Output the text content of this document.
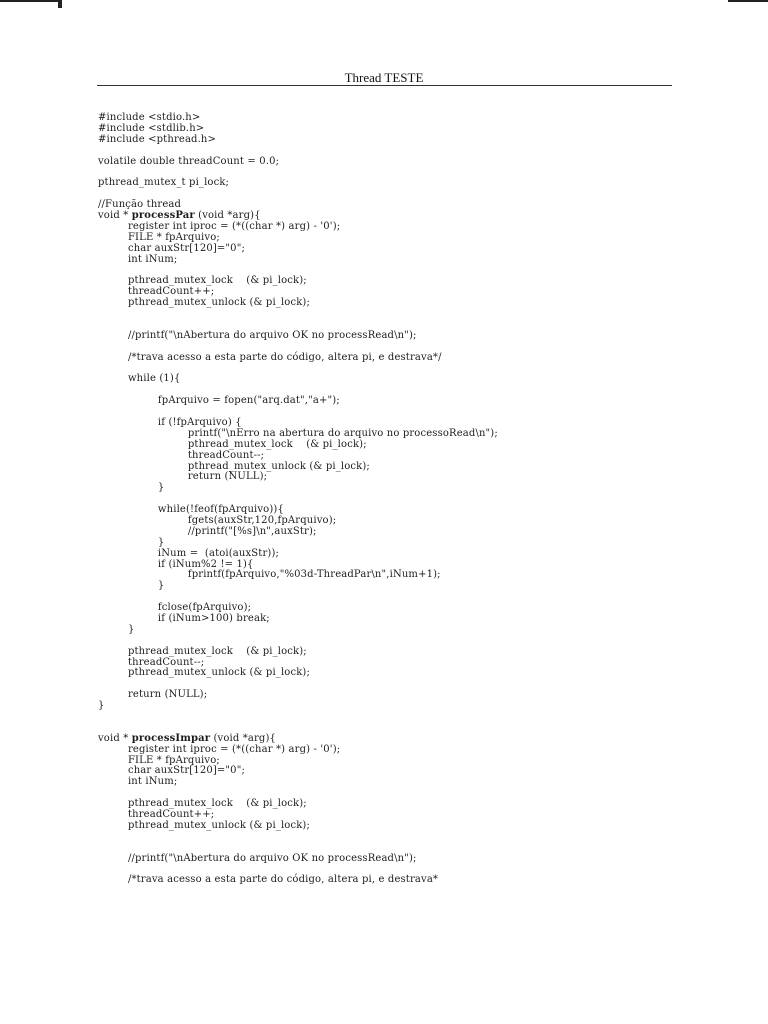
Thread TESTE
#include <stdio.h>
#include <stdlib.h>
#include <pthread.h>
volatile double threadCount = 0.0;
pthread_mutex_t pi_lock;
//Função thread
void * processPar (void *arg){
register int iproc = (*((char *) arg) - '0');
FILE * fpArquivo;
char auxStr[120]="0";
int iNum;
pthread_mutex_lock    (& pi_lock);
threadCount++;
pthread_mutex_unlock (& pi_lock);
//printf("\nAbertura do arquivo OK no processRead\n");
/*trava acesso a esta parte do código, altera pi, e destrava*/
while (1){
fpArquivo = fopen("arq.dat","a+");
if (!fpArquivo) {
printf("\nErro na abertura do arquivo no processoRead\n");
pthread_mutex_lock    (& pi_lock);
threadCount--;
pthread_mutex_unlock (& pi_lock);
return (NULL);
}
while(!feof(fpArquivo)){
fgets(auxStr,120,fpArquivo);
//printf("[%s]\n",auxStr);
}
iNum =  (atoi(auxStr));
if (iNum%2 != 1){
fprintf(fpArquivo,"%03d-ThreadPar\n",iNum+1);
}
fclose(fpArquivo);
if (iNum>100) break;
}
pthread_mutex_lock    (& pi_lock);
threadCount--;
pthread_mutex_unlock (& pi_lock);
return (NULL);
}
void * processImpar (void *arg){
register int iproc = (*((char *) arg) - '0');
FILE * fpArquivo;
char auxStr[120]="0";
int iNum;
pthread_mutex_lock    (& pi_lock);
threadCount++;
pthread_mutex_unlock (& pi_lock);
//printf("\nAbertura do arquivo OK no processRead\n");
/*trava acesso a esta parte do código, altera pi, e destrava*
